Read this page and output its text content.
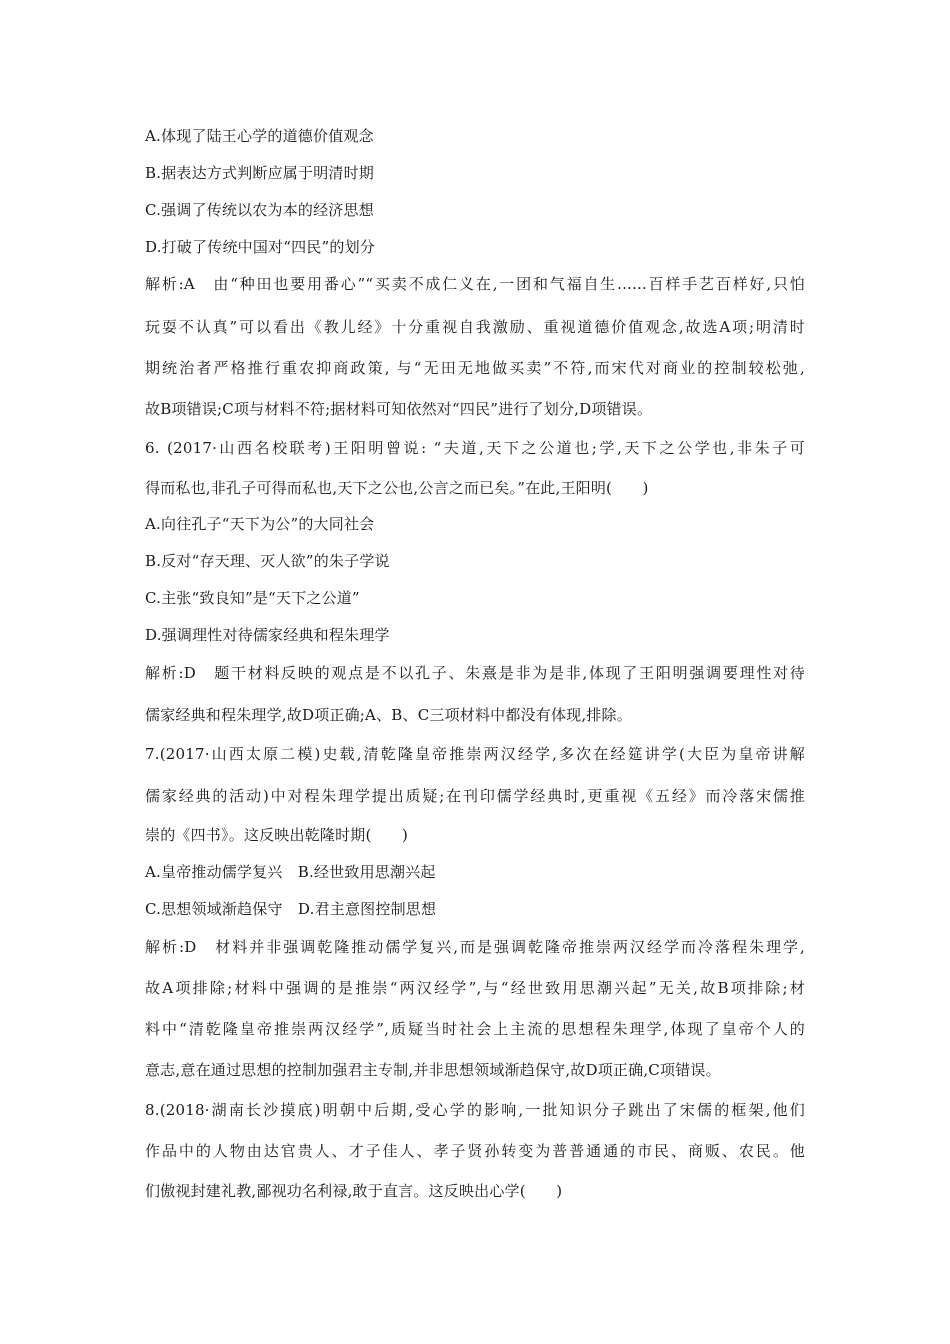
A.体现了陆王心学的道德价值观念
B.据表达方式判断应属于明清时期
C.强调了传统以农为本的经济思想
D.打破了传统中国对“四民”的划分
解析:A　由“种田也要用番心”“买卖不成仁义在,一团和气福自生......百样手艺百样好,只怕
玩耍不认真”可以看出《教儿经》十分重视自我激励、重视道德价值观念,故选A项;明清时
期统治者严格推行重农抑商政策, 与“无田无地做买卖”不符,而宋代对商业的控制较松弛,
故B项错误;C项与材料不符;据材料可知依然对“四民”进行了划分,D项错误。
6. (2017·山西名校联考)王阳明曾说: “夫道,天下之公道也;学,天下之公学也,非朱子可
得而私也,非孔子可得而私也,天下之公也,公言之而已矣。”在此,王阳明(　　)
A.向往孔子“天下为公”的大同社会
B.反对“存天理、灭人欲”的朱子学说
C.主张“致良知”是“天下之公道”
D.强调理性对待儒家经典和程朱理学
解析:D　题干材料反映的观点是不以孔子、朱熹是非为是非,体现了王阳明强调要理性对待
儒家经典和程朱理学,故D项正确;A、B、C三项材料中都没有体现,排除。
7.(2017·山西太原二模)史载,清乾隆皇帝推崇两汉经学,多次在经筵讲学(大臣为皇帝讲解
儒家经典的活动)中对程朱理学提出质疑;在刊印儒学经典时,更重视《五经》而冷落宋儒推
崇的《四书》。这反映出乾隆时期(　　)
A.皇帝推动儒学复兴　B.经世致用思潮兴起
C.思想领域渐趋保守　D.君主意图控制思想
解析:D　材料并非强调乾隆推动儒学复兴,而是强调乾隆帝推崇两汉经学而冷落程朱理学,
故A项排除;材料中强调的是推崇“两汉经学”,与“经世致用思潮兴起”无关,故B项排除;材
料中“清乾隆皇帝推崇两汉经学”,质疑当时社会上主流的思想程朱理学,体现了皇帝个人的
意志,意在通过思想的控制加强君主专制,并非思想领域渐趋保守,故D项正确,C项错误。
8.(2018·湖南长沙摸底)明朝中后期,受心学的影响,一批知识分子跳出了宋儒的框架,他们
作品中的人物由达官贵人、才子佳人、孝子贤孙转变为普普通通的市民、商贩、农民。他
们傲视封建礼教,鄙视功名利禄,敢于直言。这反映出心学(　　)
